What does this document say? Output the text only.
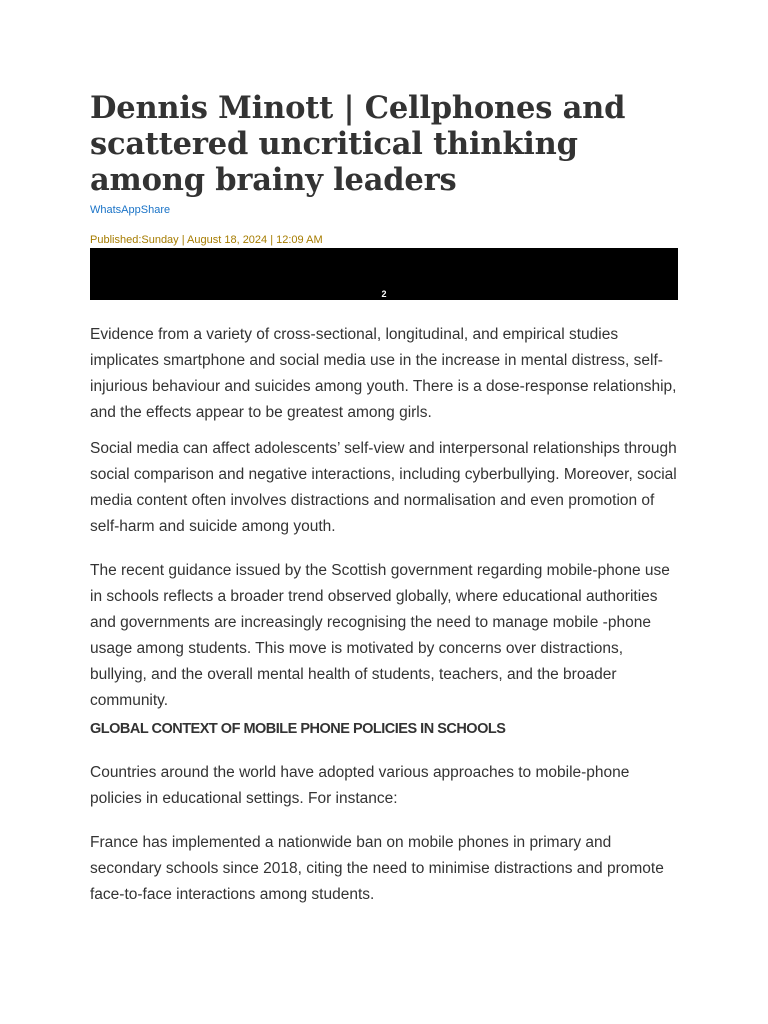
Dennis Minott | Cellphones and scattered uncritical thinking among brainy leaders
WhatsAppShare
Published:Sunday | August 18, 2024 | 12:09 AM
2

Evidence from a variety of cross-sectional, longitudinal, and empirical studies implicates smartphone and social media use in the increase in mental distress, self-injurious behaviour and suicides among youth. There is a dose-response relationship, and the effects appear to be greatest among girls.

Social media can affect adolescents’ self-view and interpersonal relationships through social comparison and negative interactions, including cyberbullying. Moreover, social media content often involves distractions and normalisation and even promotion of self-harm and suicide among youth.

The recent guidance issued by the Scottish government regarding mobile-phone use in schools reflects a broader trend observed globally, where educational authorities and governments are increasingly recognising the need to manage mobile -phone usage among students. This move is motivated by concerns over distractions, bullying, and the overall mental health of students, teachers, and the broader community.

GLOBAL CONTEXT OF MOBILE PHONE POLICIES IN SCHOOLS

Countries around the world have adopted various approaches to mobile-phone policies in educational settings. For instance:

France has implemented a nationwide ban on mobile phones in primary and secondary schools since 2018, citing the need to minimise distractions and promote face-to-face interactions among students.
